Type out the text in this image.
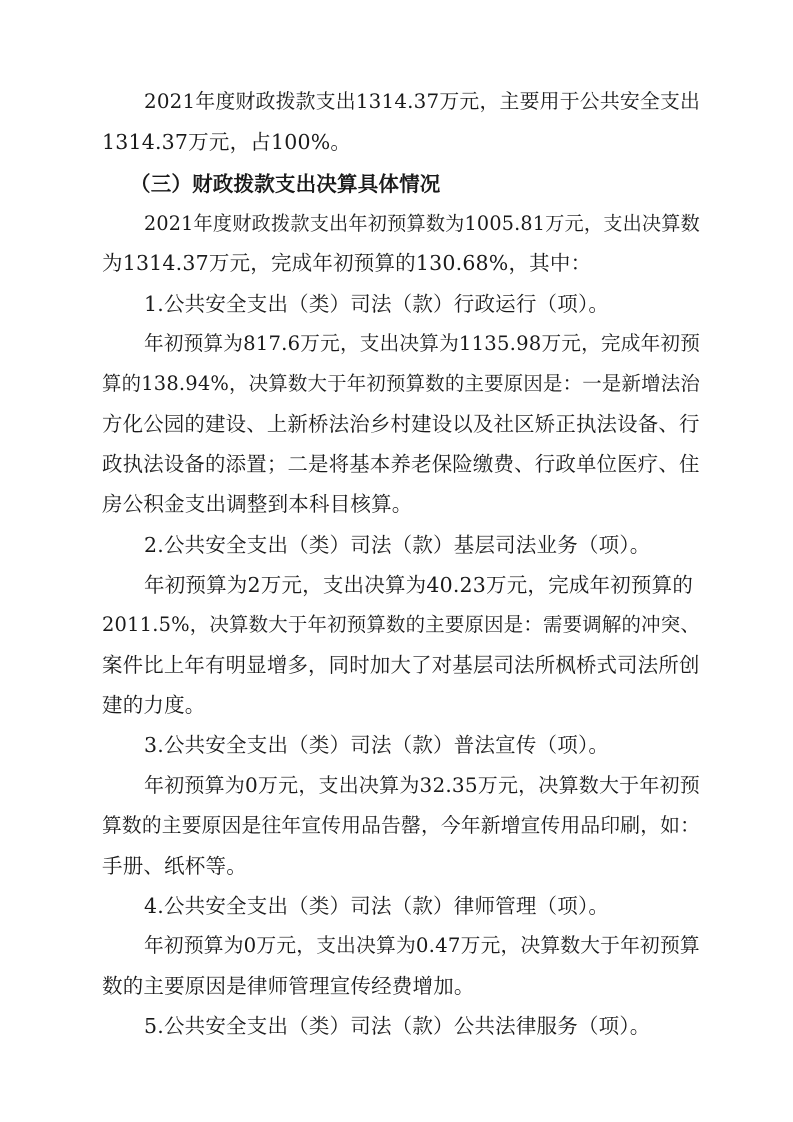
2021年度财政拨款支出1314.37万元，主要用于公共安全支出
1314.37万元，占100%。
（三）财政拨款支出决算具体情况
2021年度财政拨款支出年初预算数为1005.81万元，支出决算数
为1314.37万元，完成年初预算的130.68%，其中：
1.公共安全支出（类）司法（款）行政运行（项）。
年初预算为817.6万元，支出决算为1135.98万元，完成年初预
算的138.94%，决算数大于年初预算数的主要原因是：一是新增法治
方化公园的建设、上新桥法治乡村建设以及社区矫正执法设备、行
政执法设备的添置；二是将基本养老保险缴费、行政单位医疗、住
房公积金支出调整到本科目核算。
2.公共安全支出（类）司法（款）基层司法业务（项）。
年初预算为2万元，支出决算为40.23万元，完成年初预算的
2011.5%，决算数大于年初预算数的主要原因是：需要调解的冲突、
案件比上年有明显增多，同时加大了对基层司法所枫桥式司法所创
建的力度。
3.公共安全支出（类）司法（款）普法宣传（项）。
年初预算为0万元，支出决算为32.35万元，决算数大于年初预
算数的主要原因是往年宣传用品告罄，今年新增宣传用品印刷，如：
手册、纸杯等。
4.公共安全支出（类）司法（款）律师管理（项）。
年初预算为0万元，支出决算为0.47万元，决算数大于年初预算
数的主要原因是律师管理宣传经费增加。
5.公共安全支出（类）司法（款）公共法律服务（项）。
